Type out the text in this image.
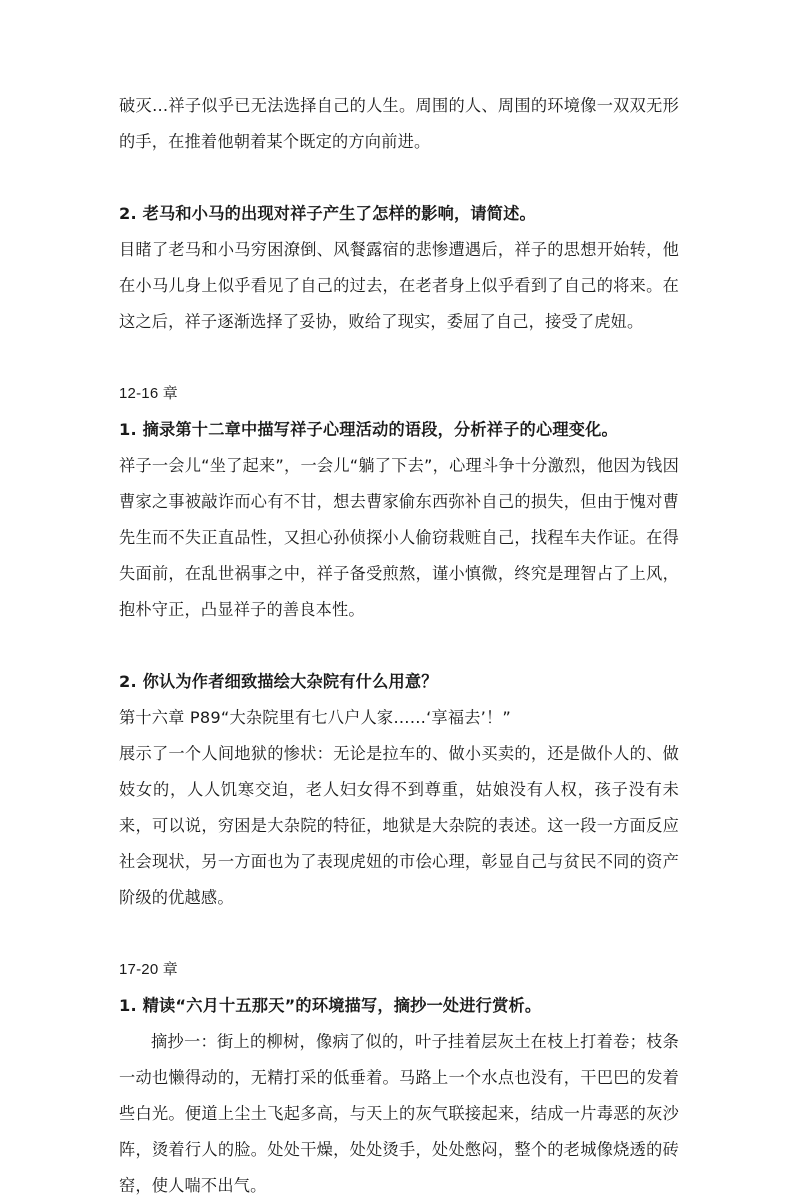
破灭…祥子似乎已无法选择自己的人生。周围的人、周围的环境像一双双无形的手，在推着他朝着某个既定的方向前进。

2. 老马和小马的出现对祥子产生了怎样的影响，请简述。

目睹了老马和小马穷困潦倒、风餐露宿的悲惨遭遇后，祥子的思想开始转，他在小马儿身上似乎看见了自己的过去，在老者身上似乎看到了自己的将来。在这之后，祥子逐渐选择了妥协，败给了现实，委屈了自己，接受了虎妞。

12-16 章

1. 摘录第十二章中描写祥子心理活动的语段，分析祥子的心理变化。

祥子一会儿“坐了起来”，一会儿“躺了下去”，心理斗争十分激烈，他因为钱因曹家之事被敲诈而心有不甘，想去曹家偷东西弥补自己的损失，但由于愧对曹先生而不失正直品性，又担心孙侦探小人偷窃栽赃自己，找程车夫作证。在得失面前，在乱世祸事之中，祥子备受煎熬，谨小慎微，终究是理智占了上风，抱朴守正，凸显祥子的善良本性。

2. 你认为作者细致描绘大杂院有什么用意？

第十六章 P89“大杂院里有七八户人家……‘享福去’！”

展示了一个人间地狱的惨状：无论是拉车的、做小买卖的，还是做仆人的、做妓女的，人人饥寒交迫，老人妇女得不到尊重，姑娘没有人权，孩子没有未来，可以说，穷困是大杂院的特征，地狱是大杂院的表述。这一段一方面反应社会现状，另一方面也为了表现虎妞的市侩心理，彰显自己与贫民不同的资产阶级的优越感。

17-20 章

1. 精读“六月十五那天”的环境描写，摘抄一处进行赏析。

摘抄一：街上的柳树，像病了似的，叶子挂着层灰土在枝上打着卷；枝条一动也懒得动的，无精打采的低垂着。马路上一个水点也没有，干巴巴的发着些白光。便道上尘土飞起多高，与天上的灰气联接起来，结成一片毒恶的灰沙阵，烫着行人的脸。处处干燥，处处烫手，处处憋闷，整个的老城像烧透的砖窑，使人喘不出气。
